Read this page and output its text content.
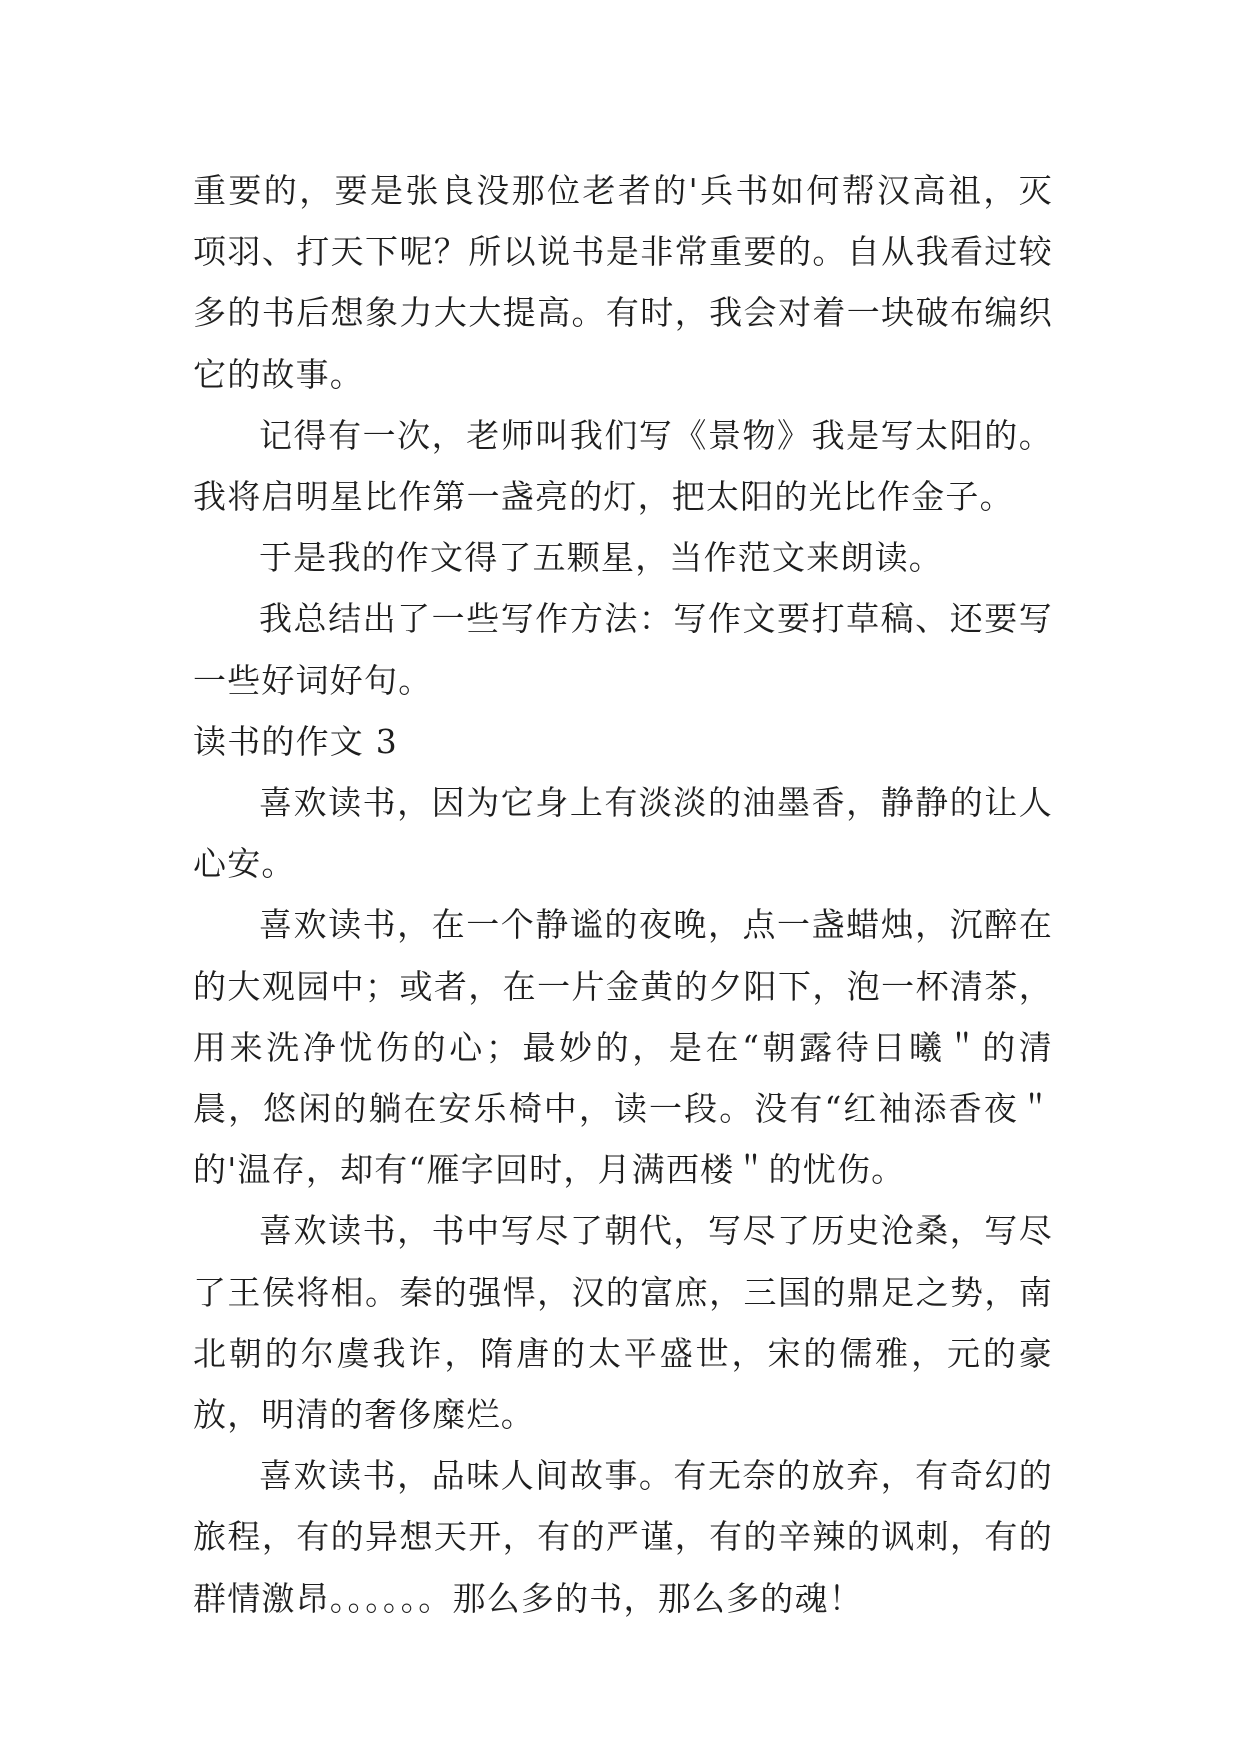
重要的，要是张良没那位老者的'兵书如何帮汉高祖，灭项羽、打天下呢？所以说书是非常重要的。自从我看过较多的书后想象力大大提高。有时，我会对着一块破布编织它的故事。

记得有一次，老师叫我们写《景物》我是写太阳的。我将启明星比作第一盏亮的灯，把太阳的光比作金子。

于是我的作文得了五颗星，当作范文来朗读。

我总结出了一些写作方法：写作文要打草稿、还要写一些好词好句。

读书的作文 3

喜欢读书，因为它身上有淡淡的油墨香，静静的让人心安。

喜欢读书，在一个静谧的夜晚，点一盏蜡烛，沉醉在的大观园中；或者，在一片金黄的夕阳下，泡一杯清茶，用来洗净忧伤的心；最妙的，是在“朝露待日曦＂的清晨，悠闲的躺在安乐椅中，读一段。没有“红袖添香夜＂的'温存，却有“雁字回时，月满西楼＂的忧伤。

喜欢读书，书中写尽了朝代，写尽了历史沧桑，写尽了王侯将相。秦的强悍，汉的富庶，三国的鼎足之势，南北朝的尔虞我诈，隋唐的太平盛世，宋的儒雅，元的豪放，明清的奢侈糜烂。

喜欢读书，品味人间故事。有无奈的放弃，有奇幻的旅程，有的异想天开，有的严谨，有的辛辣的讽刺，有的群情激昂。。。。。。那么多的书，那么多的魂！
